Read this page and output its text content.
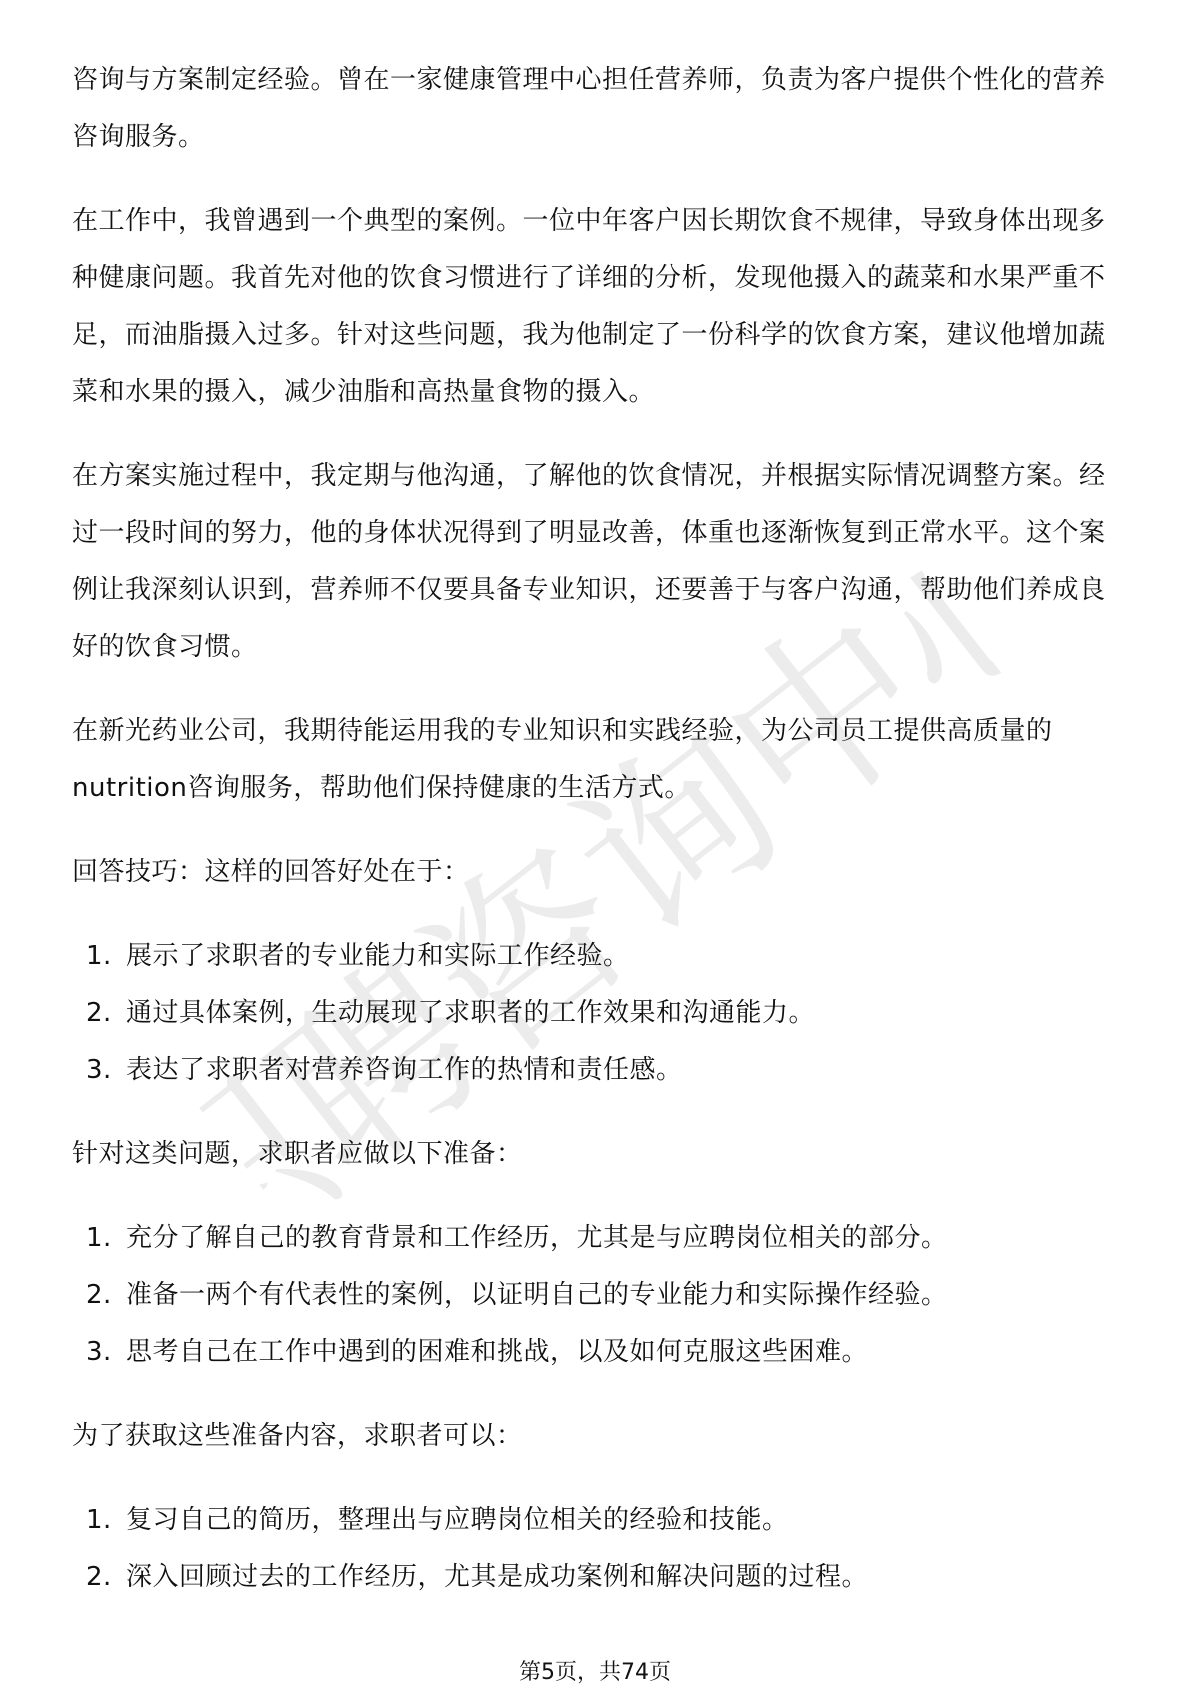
职聘咨询中心

咨询与方案制定经验。曾在一家健康管理中心担任营养师，负责为客户提供个性化的营养咨询服务。

在工作中，我曾遇到一个典型的案例。一位中年客户因长期饮食不规律，导致身体出现多种健康问题。我首先对他的饮食习惯进行了详细的分析，发现他摄入的蔬菜和水果严重不足，而油脂摄入过多。针对这些问题，我为他制定了一份科学的饮食方案，建议他增加蔬菜和水果的摄入，减少油脂和高热量食物的摄入。

在方案实施过程中，我定期与他沟通，了解他的饮食情况，并根据实际情况调整方案。经过一段时间的努力，他的身体状况得到了明显改善，体重也逐渐恢复到正常水平。这个案例让我深刻认识到，营养师不仅要具备专业知识，还要善于与客户沟通，帮助他们养成良好的饮食习惯。

在新光药业公司，我期待能运用我的专业知识和实践经验，为公司员工提供高质量的 nutrition咨询服务，帮助他们保持健康的生活方式。

回答技巧：这样的回答好处在于：

1. 展示了求职者的专业能力和实际工作经验。
2. 通过具体案例，生动展现了求职者的工作效果和沟通能力。
3. 表达了求职者对营养咨询工作的热情和责任感。

针对这类问题，求职者应做以下准备：

1. 充分了解自己的教育背景和工作经历，尤其是与应聘岗位相关的部分。
2. 准备一两个有代表性的案例，以证明自己的专业能力和实际操作经验。
3. 思考自己在工作中遇到的困难和挑战，以及如何克服这些困难。

为了获取这些准备内容，求职者可以：

1. 复习自己的简历，整理出与应聘岗位相关的经验和技能。
2. 深入回顾过去的工作经历，尤其是成功案例和解决问题的过程。
第5页，共74页
